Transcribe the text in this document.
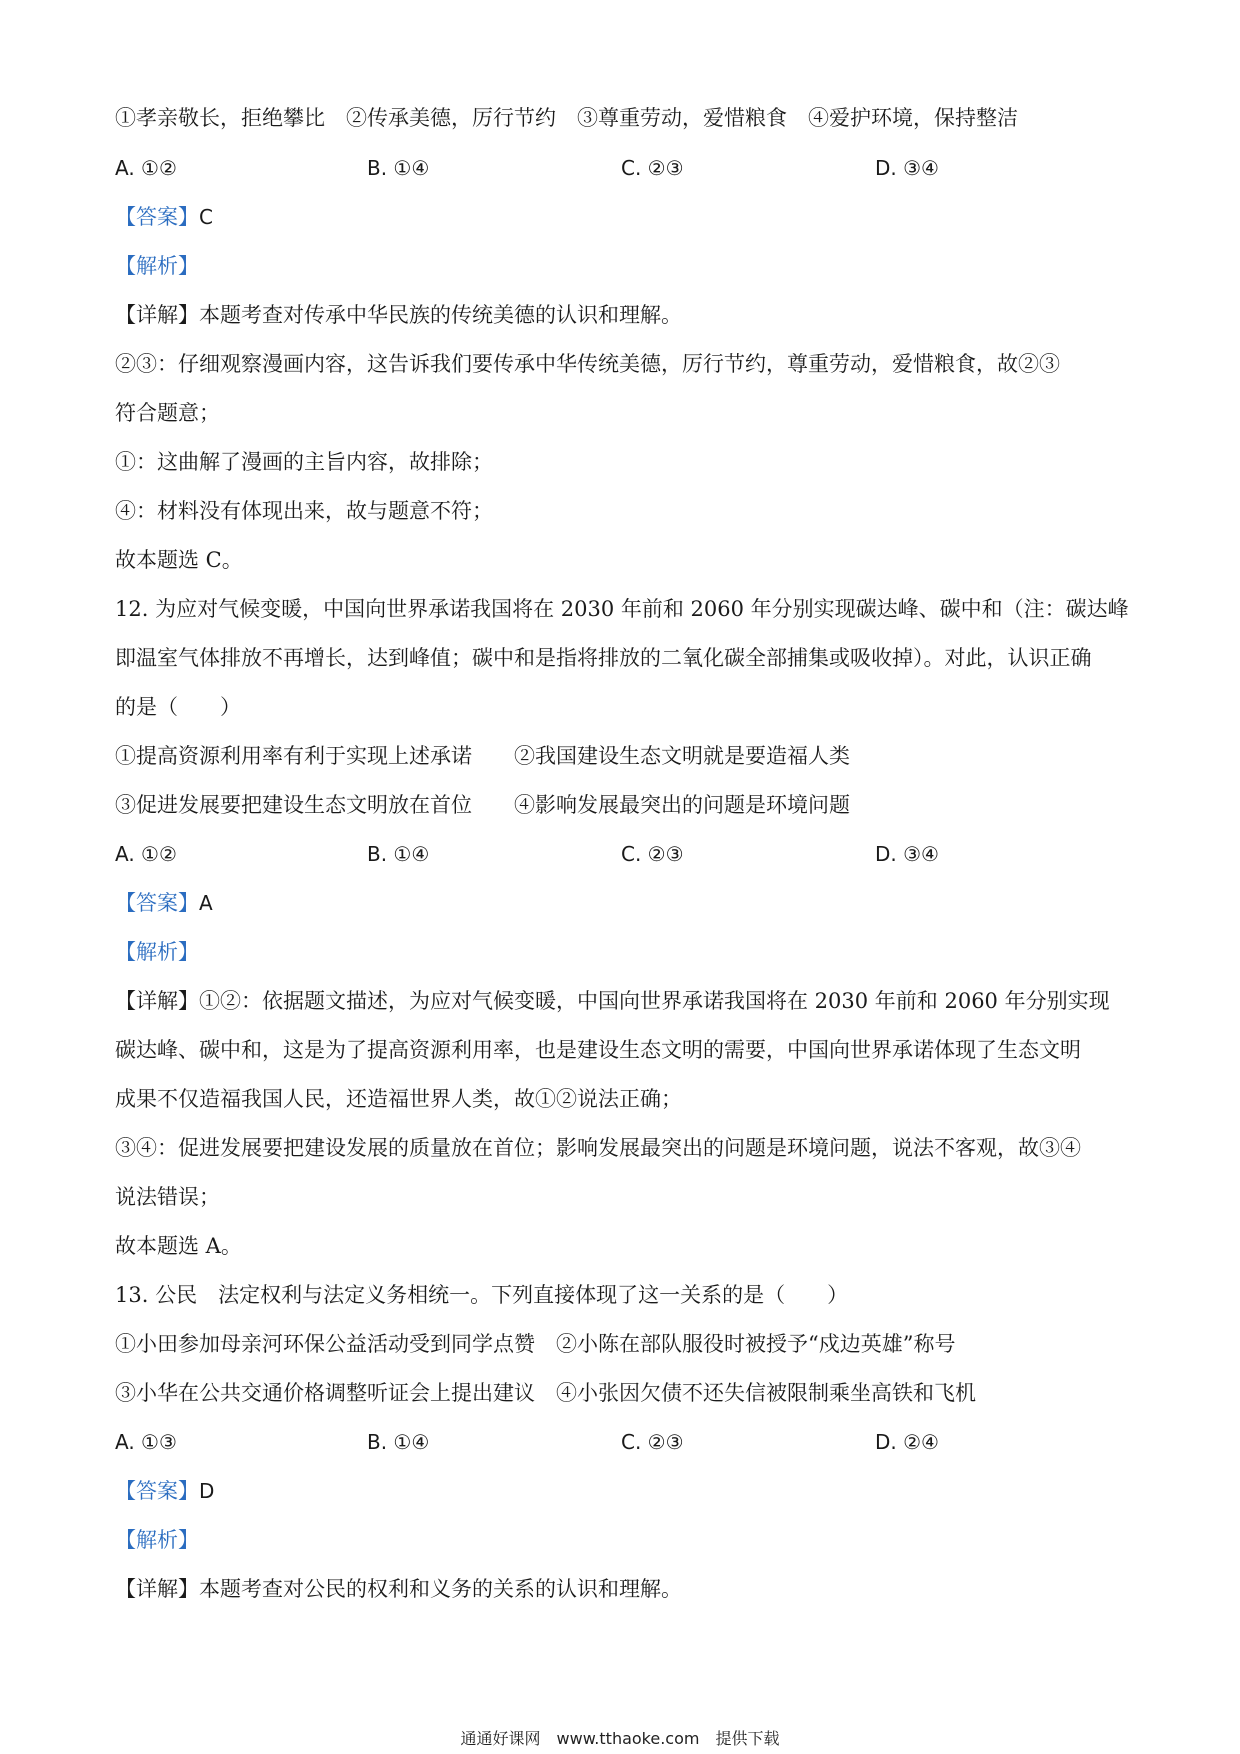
①孝亲敬长，拒绝攀比　②传承美德，厉行节约　③尊重劳动，爱惜粮食　④爱护环境，保持整洁
A. ①②	B. ①④	C. ②③	D. ③④
【答案】C
【解析】
【详解】本题考查对传承中华民族的传统美德的认识和理解。
②③：仔细观察漫画内容，这告诉我们要传承中华传统美德，厉行节约，尊重劳动，爱惜粮食，故②③
符合题意；
①：这曲解了漫画的主旨内容，故排除；
④：材料没有体现出来，故与题意不符；
故本题选 C。
12. 为应对气候变暖，中国向世界承诺我国将在 2030 年前和 2060 年分别实现碳达峰、碳中和（注：碳达峰
即温室气体排放不再增长，达到峰值；碳中和是指将排放的二氧化碳全部捕集或吸收掉）。对此，认识正确
的是（　　）
①提高资源利用率有利于实现上述承诺 ②我国建设生态文明就是要造福人类
③促进发展要把建设生态文明放在首位 ④影响发展最突出的问题是环境问题
A. ①②	B. ①④	C. ②③	D. ③④
【答案】A
【解析】
【详解】①②：依据题文描述，为应对气候变暖，中国向世界承诺我国将在 2030 年前和 2060 年分别实现
碳达峰、碳中和，这是为了提高资源利用率，也是建设生态文明的需要，中国向世界承诺体现了生态文明
成果不仅造福我国人民，还造福世界人类，故①②说法正确；
③④：促进发展要把建设发展的质量放在首位；影响发展最突出的问题是环境问题，说法不客观，故③④
说法错误；
故本题选 A。
13. 公民　法定权利与法定义务相统一。下列直接体现了这一关系的是（　　）
①小田参加母亲河环保公益活动受到同学点赞　②小陈在部队服役时被授予“戍边英雄”称号
③小华在公共交通价格调整听证会上提出建议　④小张因欠债不还失信被限制乘坐高铁和飞机
A. ①③	B. ①④	C. ②③	D. ②④
【答案】D
【解析】
【详解】本题考查对公民的权利和义务的关系的认识和理解。
通通好课网　www.tthaoke.com　提供下载
